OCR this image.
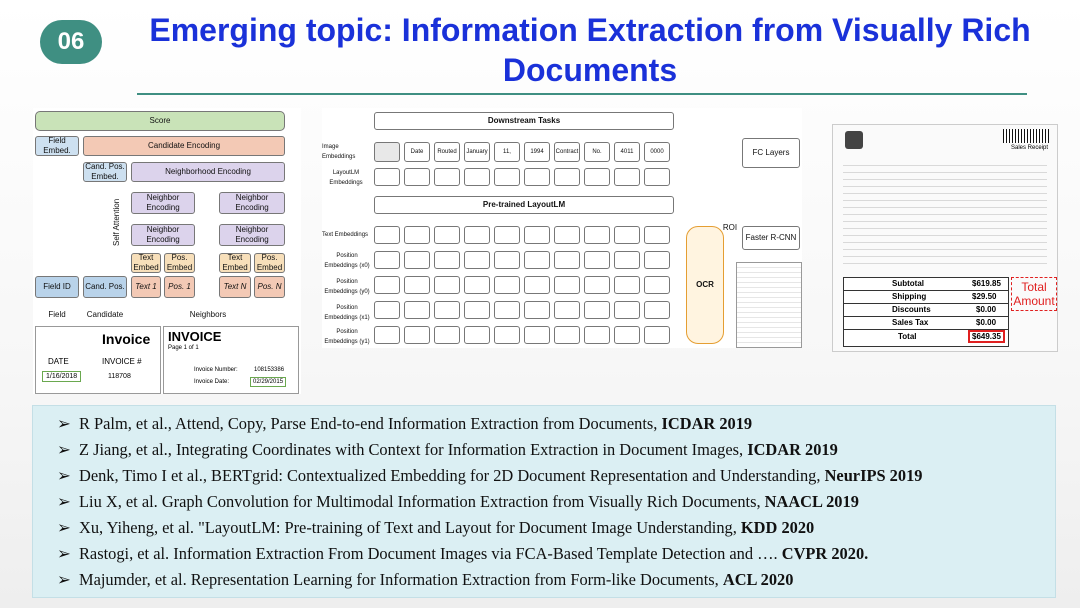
06	Emerging topic: Information Extraction from Visually Rich Documents
Score
Field Embed.
Candidate Encoding
Cand. Pos. Embed.
Neighborhood Encoding
Self Attention
Neighbor Encoding
Neighbor Encoding
Neighbor Encoding
Neighbor Encoding
Text Embed
Pos. Embed
Text Embed
Pos. Embed
Field ID	Cand. Pos.	Text 1	Pos. 1	Text N	Pos. N
Field	Candidate	Neighbors
Invoice
DATE	INVOICE #
1/16/2018	118708
INVOICE
Page 1 of 1
Invoice Number:	108153386
Invoice Date:	02/29/2015
Downstream Tasks
Image Embeddings
Date	Routed	January	11,	1994	Contract	No.	4011	0000
LayoutLM Embeddings
Pre-trained LayoutLM
Text Embeddings
Position Embeddings (x0)
Position Embeddings (y0)
Position Embeddings (x1)
Position Embeddings (y1)
FC Layers
ROI
Faster R-CNN
OCR
Sales Receipt
Subtotal	$619.85
Shipping	$29.50
Discounts	$0.00
Sales Tax	$0.00
Total	$649.35
Total Amount
➢ R Palm, et al., Attend, Copy, Parse End-to-end Information Extraction from Documents, ICDAR 2019
➢ Z Jiang, et al., Integrating Coordinates with Context for Information Extraction in Document Images, ICDAR 2019
➢ Denk, Timo I et al., BERTgrid: Contextualized Embedding for 2D Document Representation and Understanding, NeurIPS 2019
➢ Liu X, et al. Graph Convolution for Multimodal Information Extraction from Visually Rich Documents, NAACL 2019
➢ Xu, Yiheng, et al. "LayoutLM: Pre-training of Text and Layout for Document Image Understanding, KDD 2020
➢ Rastogi, et al. Information Extraction From Document Images via FCA-Based Template Detection and …. CVPR 2020.
➢ Majumder, et al. Representation Learning for Information Extraction from Form-like Documents, ACL 2020
